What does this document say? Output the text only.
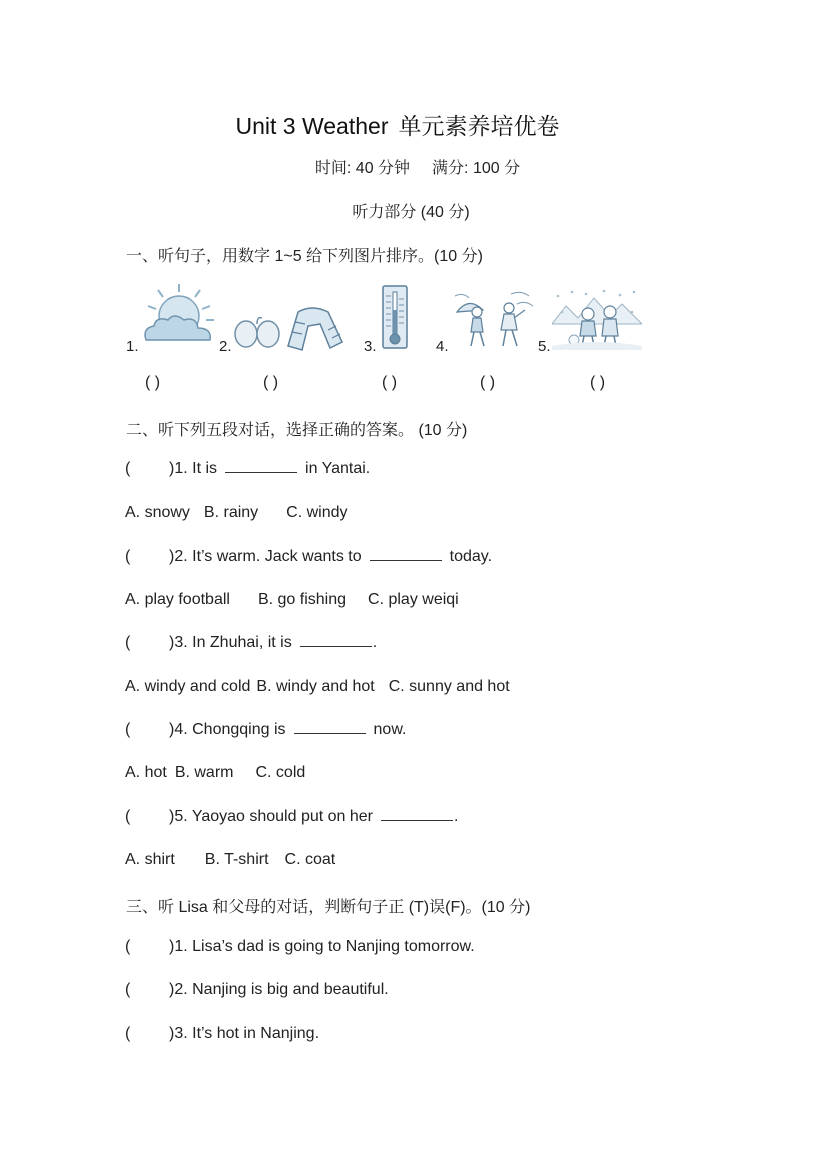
Unit 3 Weather 单元素养培优卷
时间: 40 分钟 满分: 100 分
听力部分 (40 分)
一、听句子，用数字 1~5 给下列图片排序。(10 分)
1.	2.	3.	4.	5.
( )	( )	( )	( )	( )
二、听下列五段对话，选择正确的答案。 (10 分)
( )1. It is	in Yantai.
A. snowy B. rainy C. windy
( )2. It’s warm. Jack wants to	today.
A. play football B. go fishing C. play weiqi
( )3. In Zhuhai, it is	.
A. windy and cold B. windy and hot C. sunny and hot
( )4. Chongqing is	now.
A. hot B. warm C. cold
( )5. Yaoyao should put on her	.
A. shirt B. T-shirt C. coat
三、听 Lisa 和父母的对话，判断句子正 (T)误(F)。(10 分)
( )1. Lisa’s dad is going to Nanjing tomorrow.
( )2. Nanjing is big and beautiful.
( )3. It’s hot in Nanjing.
